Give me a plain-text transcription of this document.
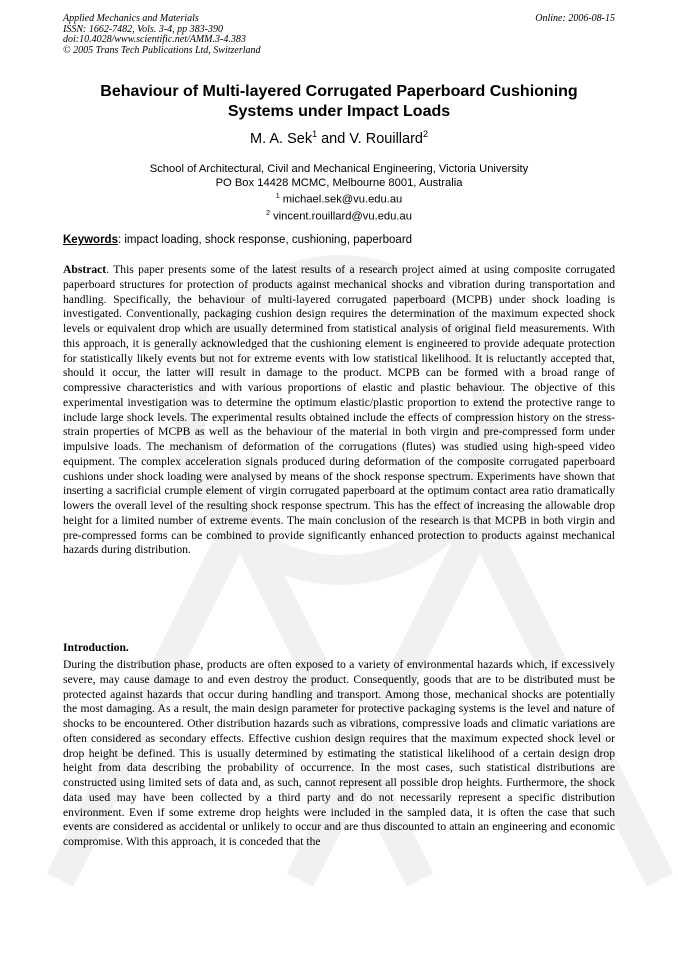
Applied Mechanics and Materials
ISSN: 1662-7482, Vols. 3-4, pp 383-390
doi:10.4028/www.scientific.net/AMM.3-4.383
© 2005 Trans Tech Publications Ltd, Switzerland
Online: 2006-08-15
Behaviour of Multi-layered Corrugated Paperboard Cushioning
Systems under Impact Loads
M. A. Sek$^1$ and V. Rouillard$^2$
School of Architectural, Civil and Mechanical Engineering, Victoria University
PO Box 14428 MCMC, Melbourne 8001, Australia
$^1$ michael.sek@vu.edu.au
$^2$ vincent.rouillard@vu.edu.au
Keywords: impact loading, shock response, cushioning, paperboard
Abstract. This paper presents some of the latest results of a research project aimed at using composite corrugated paperboard structures for protection of products against mechanical shocks and vibration during transportation and handling. Specifically, the behaviour of multi-layered corrugated paperboard (MCPB) under shock loading is investigated. Conventionally, packaging cushion design requires the determination of the maximum expected shock levels or equivalent drop which are usually determined from statistical analysis of original field measurements. With this approach, it is generally acknowledged that the cushioning element is engineered to provide adequate protection for statistically likely events but not for extreme events with low statistical likelihood. It is reluctantly accepted that, should it occur, the latter will result in damage to the product. MCPB can be formed with a broad range of compressive characteristics and with various proportions of elastic and plastic behaviour. The objective of this experimental investigation was to determine the optimum elastic/plastic proportion to extend the protective range to include large shock levels. The experimental results obtained include the effects of compression history on the stress-strain properties of MCPB as well as the behaviour of the material in both virgin and pre-compressed form under impulsive loads. The mechanism of deformation of the corrugations (flutes) was studied using high-speed video equipment. The complex acceleration signals produced during deformation of the composite corrugated paperboard cushions under shock loading were analysed by means of the shock response spectrum. Experiments have shown that inserting a sacrificial crumple element of virgin corrugated paperboard at the optimum contact area ratio dramatically lowers the overall level of the resulting shock response spectrum. This has the effect of increasing the allowable drop height for a limited number of extreme events. The main conclusion of the research is that MCPB in both virgin and pre-compressed forms can be combined to provide significantly enhanced protection to products against mechanical hazards during distribution.
Introduction.
During the distribution phase, products are often exposed to a variety of environmental hazards which, if excessively severe, may cause damage to and even destroy the product. Consequently, goods that are to be distributed must be protected against hazards that occur during handling and transport. Among those, mechanical shocks are potentially the most damaging. As a result, the main design parameter for protective packaging systems is the level and nature of shocks to be encountered. Other distribution hazards such as vibrations, compressive loads and climatic variations are often considered as secondary effects. Effective cushion design requires that the maximum expected shock level or drop height be defined. This is usually determined by estimating the statistical likelihood of a certain design drop height from data describing the probability of occurrence. In the most cases, such statistical distributions are constructed using limited sets of data and, as such, cannot represent all possible drop heights. Furthermore, the shock data used may have been collected by a third party and do not necessarily represent a specific distribution environment. Even if some extreme drop heights were included in the sampled data, it is often the case that such events are considered as accidental or unlikely to occur and are thus discounted to attain an engineering and economic compromise. With this approach, it is conceded that the
